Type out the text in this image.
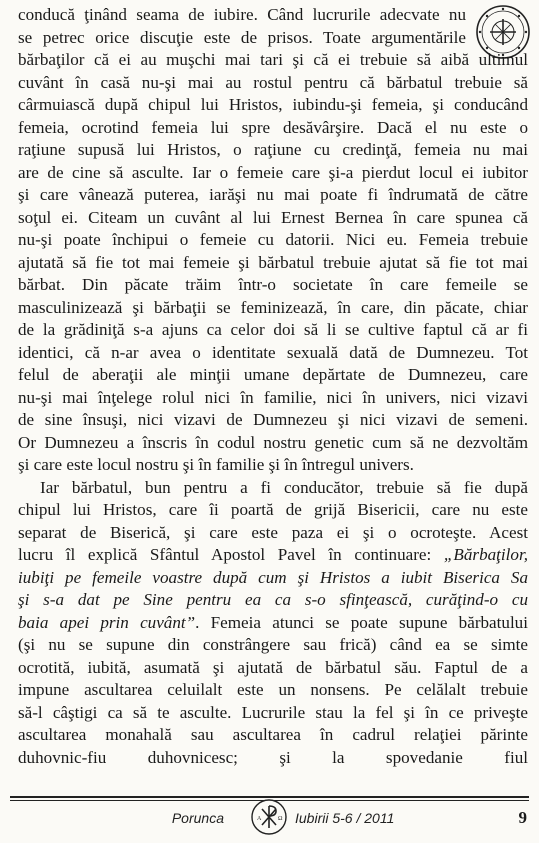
conducă ţinând seama de iubire. Când lucrurile adecvate nu
se petrec orice discuţie este de prisos. Toate argumentările
bărbaţilor că ei au muşchi mai tari şi că ei trebuie să aibă ultimul
cuvânt în casă nu-şi mai au rostul pentru că bărbatul trebuie să
cârmuiască după chipul lui Hristos, iubindu-şi femeia, şi conducând
femeia, ocrotind femeia lui spre desăvârşire. Dacă el nu este o
raţiune supusă lui Hristos, o raţiune cu credinţă, femeia nu mai
are de cine să asculte. Iar o femeie care şi-a pierdut locul ei iubitor
şi care vânează puterea, iarăşi nu mai poate fi îndrumată de către
soţul ei. Citeam un cuvânt al lui Ernest Bernea în care spunea că
nu-şi poate închipui o femeie cu datorii. Nici eu. Femeia trebuie
ajutată să fie tot mai femeie şi bărbatul trebuie ajutat să fie tot mai
bărbat. Din păcate trăim într-o societate în care femeile se
masculinizează şi bărbaţii se feminizează, în care, din păcate, chiar
de la grădiniţă s-a ajuns ca celor doi să li se cultive faptul că ar fi
identici, că n-ar avea o identitate sexuală dată de Dumnezeu. Tot
felul de aberaţii ale minţii umane depărtate de Dumnezeu, care
nu-şi mai înţelege rolul nici în familie, nici în univers, nici vizavi
de sine însuşi, nici vizavi de Dumnezeu şi nici vizavi de semeni.
Or Dumnezeu a înscris în codul nostru genetic cum să ne dezvoltăm
şi care este locul nostru şi în familie şi în întregul univers.
Iar bărbatul, bun pentru a fi conducător, trebuie să fie după
chipul lui Hristos, care îi poartă de grijă Bisericii, care nu este
separat de Biserică, şi care este paza ei şi o ocroteşte. Acest
lucru îl explică Sfântul Apostol Pavel în continuare: „Bărbaţilor,
iubiţi pe femeile voastre după cum şi Hristos a iubit Biserica Sa
şi s-a dat pe Sine pentru ea ca s-o sfinţească, curăţind-o cu
baia apei prin cuvânt”. Femeia atunci se poate supune bărbatului
(şi nu se supune din constrângere sau frică) când ea se simte
ocrotită, iubită, asumată şi ajutată de bărbatul său. Faptul de a
impune ascultarea celuilalt este un nonsens. Pe celălalt trebuie
să-l câştigi ca să te asculte. Lucrurile stau la fel şi în ce priveşte
ascultarea monahală sau ascultarea în cadrul relaţiei părinte
duhovnic-fiu duhovnicesc; şi la spovedanie fiul
Porunca	A	Ω Iubirii 5-6 / 2011	9
